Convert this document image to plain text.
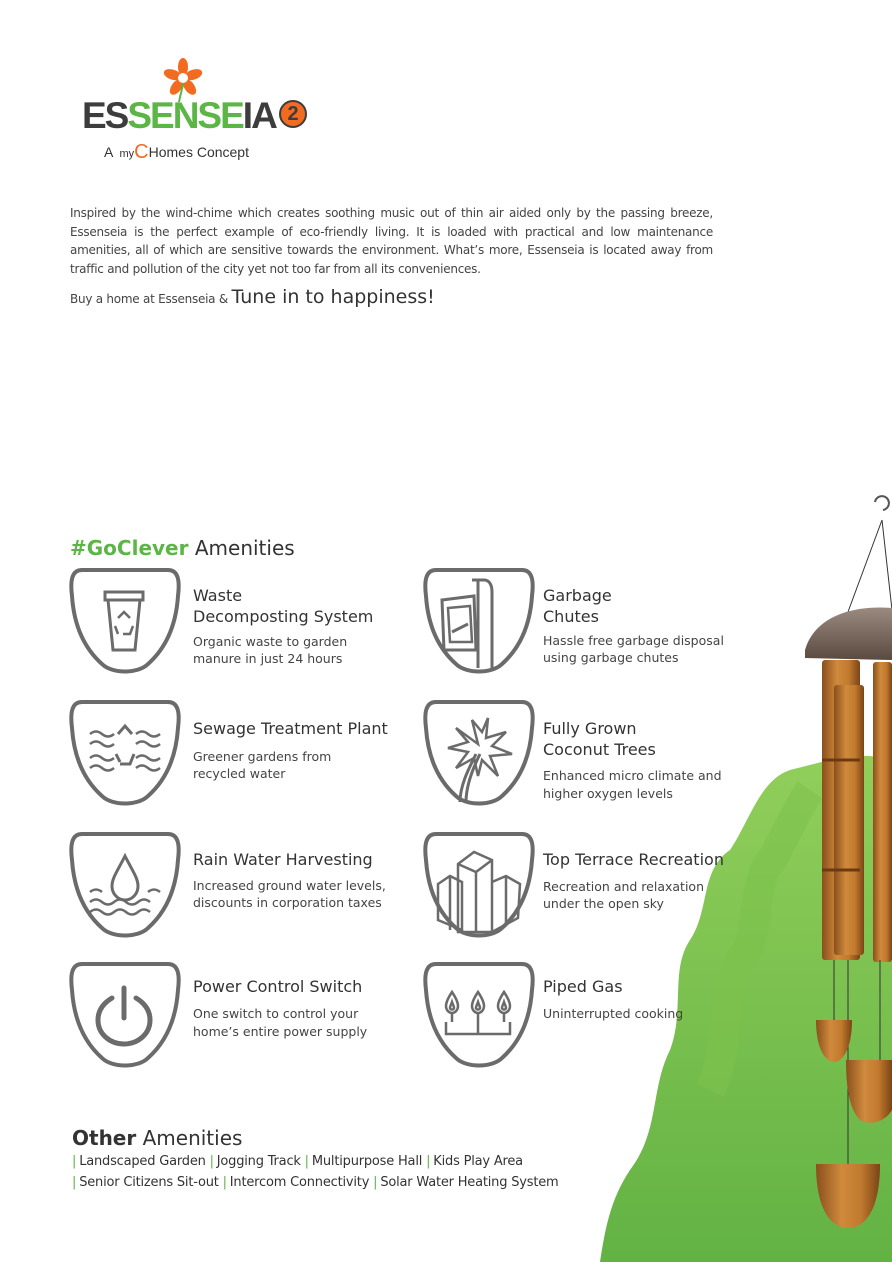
ESSENSEIA 2
A myCHomes Concept
Inspired by the wind-chime which creates soothing music out of thin air aided only by the passing breeze, Essenseia is the perfect example of eco-friendly living. It is loaded with practical and low maintenance amenities, all of which are sensitive towards the environment. What’s more, Essenseia is located away from traffic and pollution of the city yet not too far from all its conveniences.
Buy a home at Essenseia & Tune in to happiness!
#GoClever Amenities
Waste
Decomposting System
Organic waste to garden
manure in just 24 hours
Garbage
Chutes
Hassle free garbage disposal
using garbage chutes
Sewage Treatment Plant
Greener gardens from
recycled water
Fully Grown
Coconut Trees
Enhanced micro climate and
higher oxygen levels
Rain Water Harvesting
Increased ground water levels,
discounts in corporation taxes
Top Terrace Recreation
Recreation and relaxation
under the open sky
Power Control Switch
One switch to control your
home’s entire power supply
Piped Gas
Uninterrupted cooking
Other Amenities
| Landscaped Garden | Jogging Track | Multipurpose Hall | Kids Play Area
| Senior Citizens Sit-out | Intercom Connectivity | Solar Water Heating System
